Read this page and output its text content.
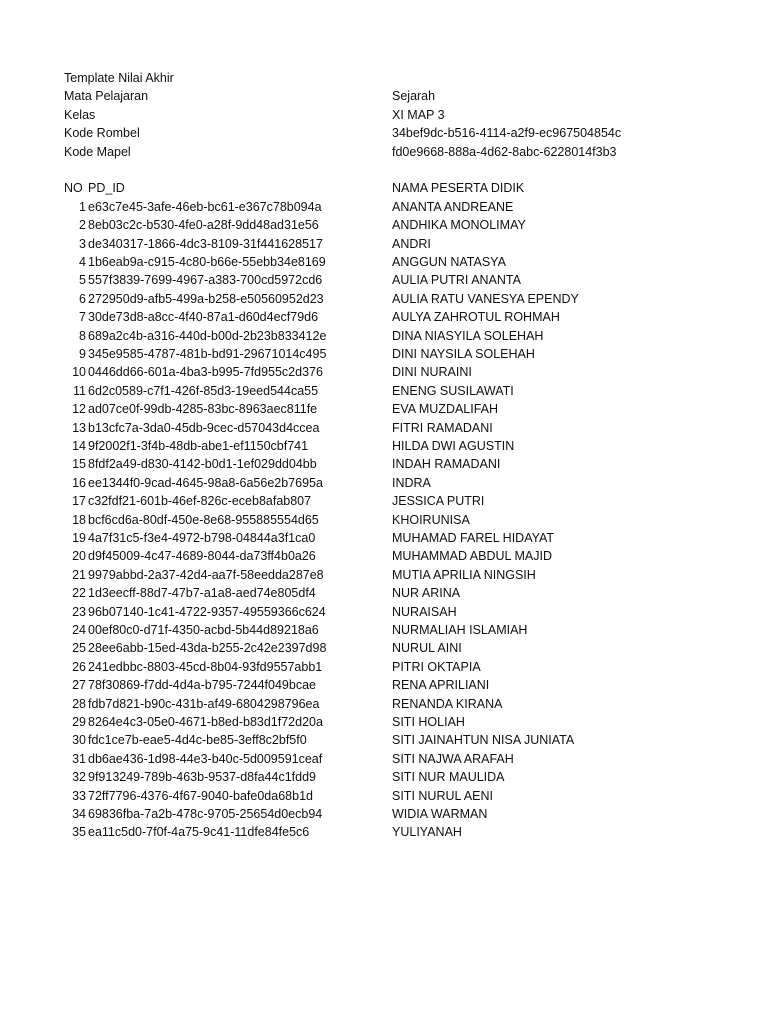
Template Nilai Akhir
Mata Pelajaran	Sejarah
Kelas	XI MAP 3
Kode Rombel	34bef9dc-b516-4114-a2f9-ec967504854c
Kode Mapel	fd0e9668-888a-4d62-8abc-6228014f3b3
NO PD_ID	NAMA PESERTA DIDIK
1 e63c7e45-3afe-46eb-bc61-e367c78b094a	ANANTA ANDREANE
2 8eb03c2c-b530-4fe0-a28f-9dd48ad31e56	ANDHIKA MONOLIMAY
3 de340317-1866-4dc3-8109-31f441628517	ANDRI
4 1b6eab9a-c915-4c80-b66e-55ebb34e8169	ANGGUN NATASYA
5 557f3839-7699-4967-a383-700cd5972cd6	AULIA PUTRI ANANTA
6 272950d9-afb5-499a-b258-e50560952d23	AULIA RATU VANESYA EPENDY
7 30de73d8-a8cc-4f40-87a1-d60d4ecf79d6	AULYA ZAHROTUL ROHMAH
8 689a2c4b-a316-440d-b00d-2b23b833412e	DINA NIASYILA SOLEHAH
9 345e9585-4787-481b-bd91-29671014c495	DINI NAYSILA SOLEHAH
10 0446dd66-601a-4ba3-b995-7fd955c2d376	DINI NURAINI
11 6d2c0589-c7f1-426f-85d3-19eed544ca55	ENENG SUSILAWATI
12 ad07ce0f-99db-4285-83bc-8963aec811fe	EVA MUZDALIFAH
13 b13cfc7a-3da0-45db-9cec-d57043d4ccea	FITRI RAMADANI
14 9f2002f1-3f4b-48db-abe1-ef1150cbf741	HILDA DWI AGUSTIN
15 8fdf2a49-d830-4142-b0d1-1ef029dd04bb	INDAH RAMADANI
16 ee1344f0-9cad-4645-98a8-6a56e2b7695a	INDRA
17 c32fdf21-601b-46ef-826c-eceb8afab807	JESSICA PUTRI
18 bcf6cd6a-80df-450e-8e68-955885554d65	KHOIRUNISA
19 4a7f31c5-f3e4-4972-b798-04844a3f1ca0	MUHAMAD FAREL HIDAYAT
20 d9f45009-4c47-4689-8044-da73ff4b0a26	MUHAMMAD ABDUL MAJID
21 9979abbd-2a37-42d4-aa7f-58eedda287e8	MUTIA APRILIA NINGSIH
22 1d3eecff-88d7-47b7-a1a8-aed74e805df4	NUR ARINA
23 96b07140-1c41-4722-9357-49559366c624	NURAISAH
24 00ef80c0-d71f-4350-acbd-5b44d89218a6	NURMALIAH ISLAMIAH
25 28ee6abb-15ed-43da-b255-2c42e2397d98	NURUL AINI
26 241edbbc-8803-45cd-8b04-93fd9557abb1	PITRI OKTAPIA
27 78f30869-f7dd-4d4a-b795-7244f049bcae	RENA APRILIANI
28 fdb7d821-b90c-431b-af49-6804298796ea	RENANDA KIRANA
29 8264e4c3-05e0-4671-b8ed-b83d1f72d20a	SITI HOLIAH
30 fdc1ce7b-eae5-4d4c-be85-3eff8c2bf5f0	SITI JAINAHTUN NISA JUNIATA
31 db6ae436-1d98-44e3-b40c-5d009591ceaf	SITI NAJWA ARAFAH
32 9f913249-789b-463b-9537-d8fa44c1fdd9	SITI NUR MAULIDA
33 72ff7796-4376-4f67-9040-bafe0da68b1d	SITI NURUL AENI
34 69836fba-7a2b-478c-9705-25654d0ecb94	WIDIA WARMAN
35 ea11c5d0-7f0f-4a75-9c41-11dfe84fe5c6	YULIYANAH
